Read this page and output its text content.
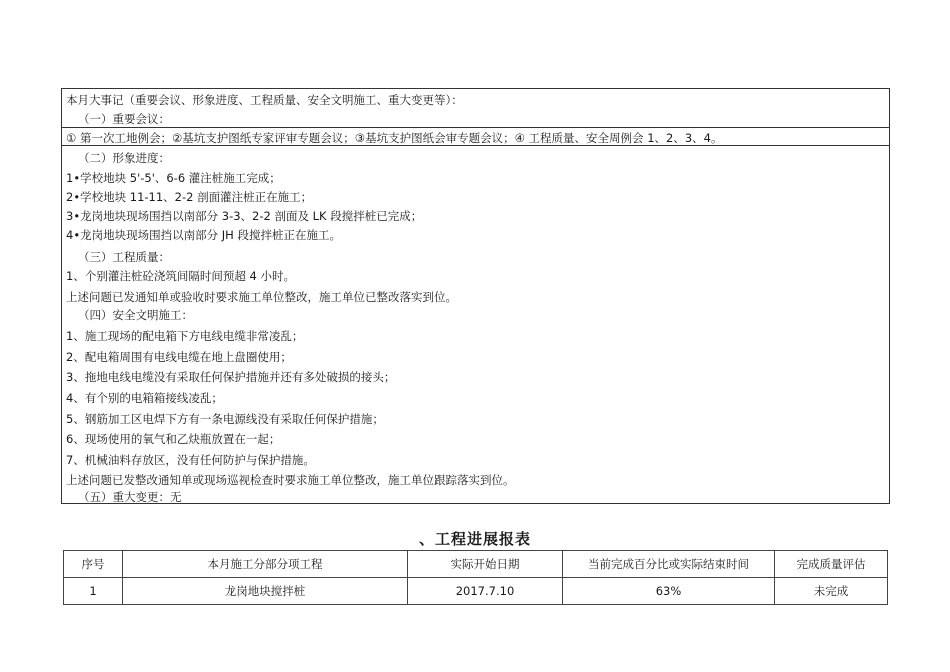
本月大事记（重要会议、形象进度、工程质量、安全文明施工、重大变更等）：
（一）重要会议：
① 第一次工地例会；②基坑支护图纸专家评审专题会议；③基坑支护图纸会审专题会议；④ 工程质量、安全周例会 1、2、3、4。
（二）形象进度：
1•学校地块 5'-5'、6-6 灌注桩施工完成；
2•学校地块 11-11、2-2 剖面灌注桩正在施工；
3•龙岗地块现场围挡以南部分 3-3、2-2 剖面及 LK 段搅拌桩已完成；
4•龙岗地块现场围挡以南部分 JH 段搅拌桩正在施工。
（三）工程质量：
1、个别灌注桩砼浇筑间隔时间预超 4 小时。
上述问题已发通知单或验收时要求施工单位整改，施工单位已整改落实到位。
（四）安全文明施工：
1、施工现场的配电箱下方电线电缆非常凌乱；
2、配电箱周围有电线电缆在地上盘圈使用；
3、拖地电线电缆没有采取任何保护措施并还有多处破损的接头；
4、有个别的电箱箱接线凌乱；
5、钢筋加工区电焊下方有一条电源线没有采取任何保护措施；
6、现场使用的氧气和乙炔瓶放置在一起；
7、机械油料存放区，没有任何防护与保护措施。
上述问题已发整改通知单或现场巡视检查时要求施工单位整改，施工单位跟踪落实到位。
（五）重大变更：无
、工程进展报表
序号	本月施工分部分项工程	实际开始日期	当前完成百分比或实际结束时间	完成质量评估
1	龙岗地块搅拌桩	2017.7.10	63%	未完成
